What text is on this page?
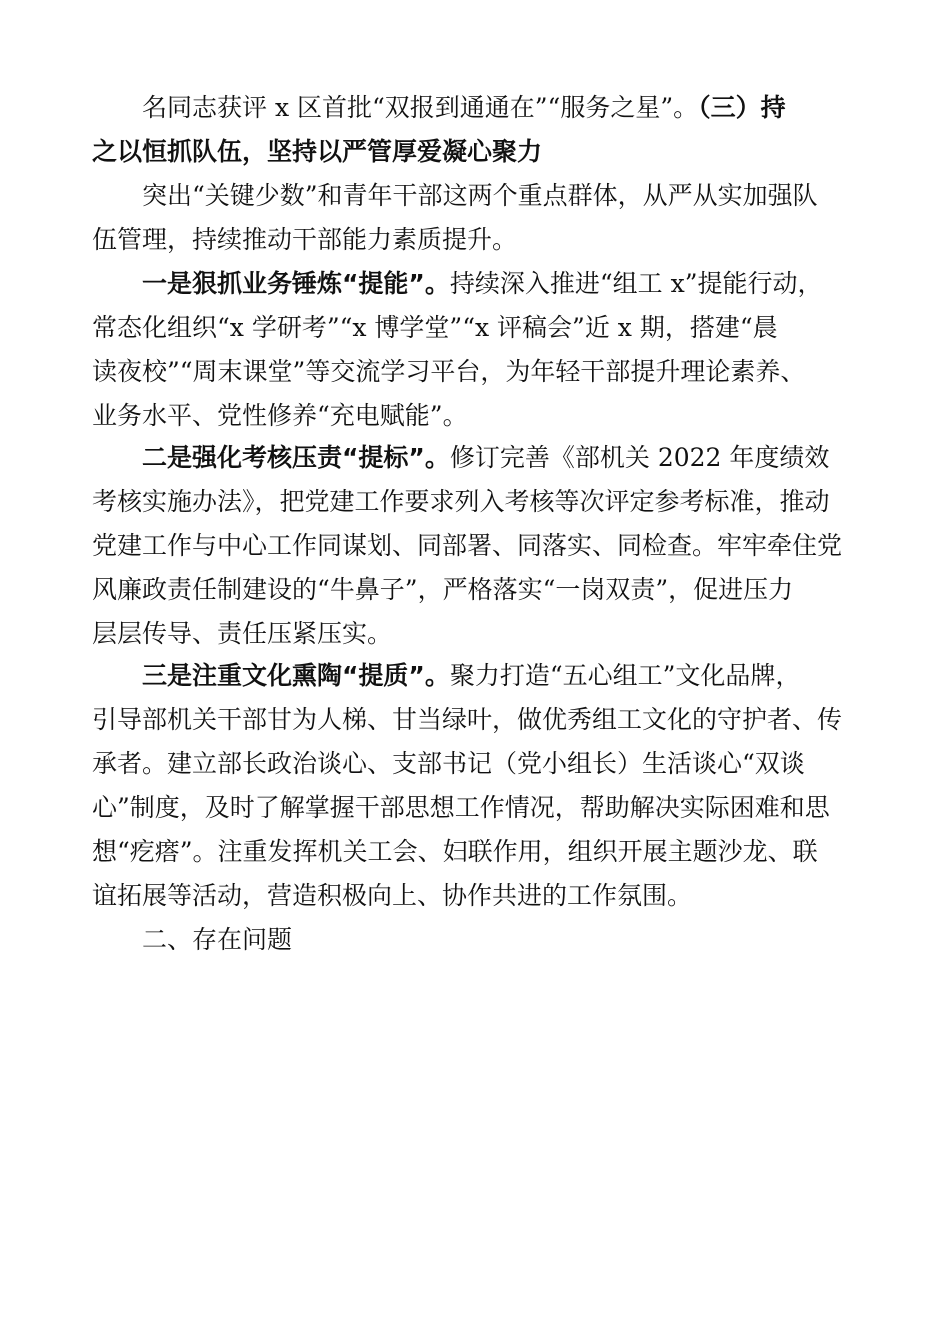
名同志获评 x 区首批“双报到通通在”“服务之星”。（三）持
之以恒抓队伍，坚持以严管厚爱凝心聚力
突出“关键少数”和青年干部这两个重点群体，从严从实加强队
伍管理，持续推动干部能力素质提升。
一是狠抓业务锤炼“提能”。持续深入推进“组工 x”提能行动，
常态化组织“x 学研考”“x 博学堂”“x 评稿会”近 x 期，搭建“晨
读夜校”“周末课堂”等交流学习平台，为年轻干部提升理论素养、
业务水平、党性修养“充电赋能”。
二是强化考核压责“提标”。修订完善《部机关 2022 年度绩效
考核实施办法》，把党建工作要求列入考核等次评定参考标准，推动
党建工作与中心工作同谋划、同部署、同落实、同检查。牢牢牵住党
风廉政责任制建设的“牛鼻子”，严格落实“一岗双责”，促进压力
层层传导、责任压紧压实。
三是注重文化熏陶“提质”。聚力打造“五心组工”文化品牌，
引导部机关干部甘为人梯、甘当绿叶，做优秀组工文化的守护者、传
承者。建立部长政治谈心、支部书记（党小组长）生活谈心“双谈
心”制度，及时了解掌握干部思想工作情况，帮助解决实际困难和思
想“疙瘩”。注重发挥机关工会、妇联作用，组织开展主题沙龙、联
谊拓展等活动，营造积极向上、协作共进的工作氛围。
二、存在问题
